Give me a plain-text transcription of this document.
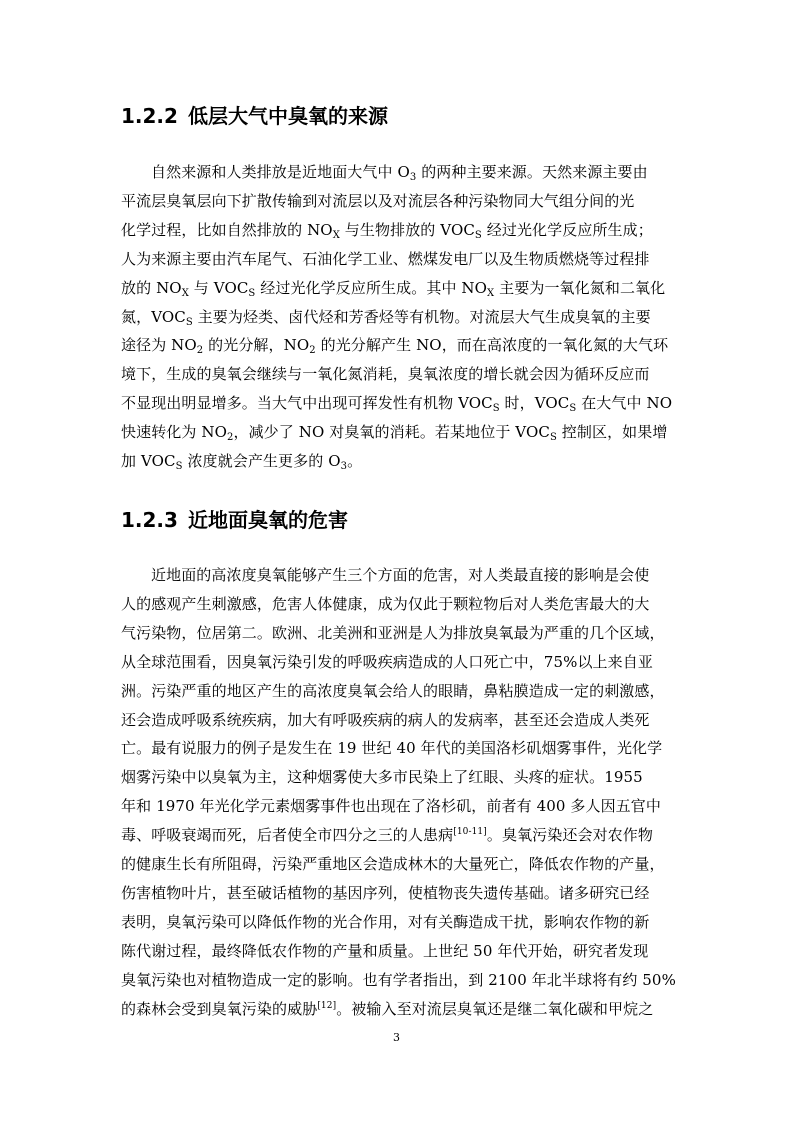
1.2.2 低层大气中臭氧的来源
自然来源和人类排放是近地面大气中 $O_3$ 的两种主要来源。天然来源主要由
平流层臭氧层向下扩散传输到对流层以及对流层各种污染物同大气组分间的光
化学过程，比如自然排放的 $NO_X$ 与生物排放的 $VOC_S$ 经过光化学反应所生成；
人为来源主要由汽车尾气、石油化学工业、燃煤发电厂以及生物质燃烧等过程排
放的 $NO_X$ 与 $VOC_S$ 经过光化学反应所生成。其中 $NO_X$ 主要为一氧化氮和二氧化
氮，$VOC_S$ 主要为烃类、卤代烃和芳香烃等有机物。对流层大气生成臭氧的主要
途径为 $NO_2$ 的光分解，$NO_2$ 的光分解产生 NO，而在高浓度的一氧化氮的大气环
境下，生成的臭氧会继续与一氧化氮消耗，臭氧浓度的增长就会因为循环反应而
不显现出明显增多。当大气中出现可挥发性有机物 $VOC_S$ 时，$VOC_S$ 在大气中 NO
快速转化为 $NO_2$，减少了 NO 对臭氧的消耗。若某地位于 $VOC_S$ 控制区，如果增
加 $VOC_S$ 浓度就会产生更多的 $O_3$。
1.2.3 近地面臭氧的危害
近地面的高浓度臭氧能够产生三个方面的危害，对人类最直接的影响是会使
人的感观产生刺激感，危害人体健康，成为仅此于颗粒物后对人类危害最大的大
气污染物，位居第二。欧洲、北美洲和亚洲是人为排放臭氧最为严重的几个区域，
从全球范围看，因臭氧污染引发的呼吸疾病造成的人口死亡中，75%以上来自亚
洲。污染严重的地区产生的高浓度臭氧会给人的眼睛，鼻粘膜造成一定的刺激感，
还会造成呼吸系统疾病，加大有呼吸疾病的病人的发病率，甚至还会造成人类死
亡。最有说服力的例子是发生在 19 世纪 40 年代的美国洛杉矶烟雾事件，光化学
烟雾污染中以臭氧为主，这种烟雾使大多市民染上了红眼、头疼的症状。1955
年和 1970 年光化学元素烟雾事件也出现在了洛杉矶，前者有 400 多人因五官中
毒、呼吸衰竭而死，后者使全市四分之三的人患病[10-11]。臭氧污染还会对农作物
的健康生长有所阻碍，污染严重地区会造成林木的大量死亡，降低农作物的产量，
伤害植物叶片，甚至破话植物的基因序列，使植物丧失遗传基础。诸多研究已经
表明，臭氧污染可以降低作物的光合作用，对有关酶造成干扰，影响农作物的新
陈代谢过程，最终降低农作物的产量和质量。上世纪 50 年代开始，研究者发现
臭氧污染也对植物造成一定的影响。也有学者指出，到 2100 年北半球将有约 50%
的森林会受到臭氧污染的威胁[12]。被输入至对流层臭氧还是继二氧化碳和甲烷之
3
